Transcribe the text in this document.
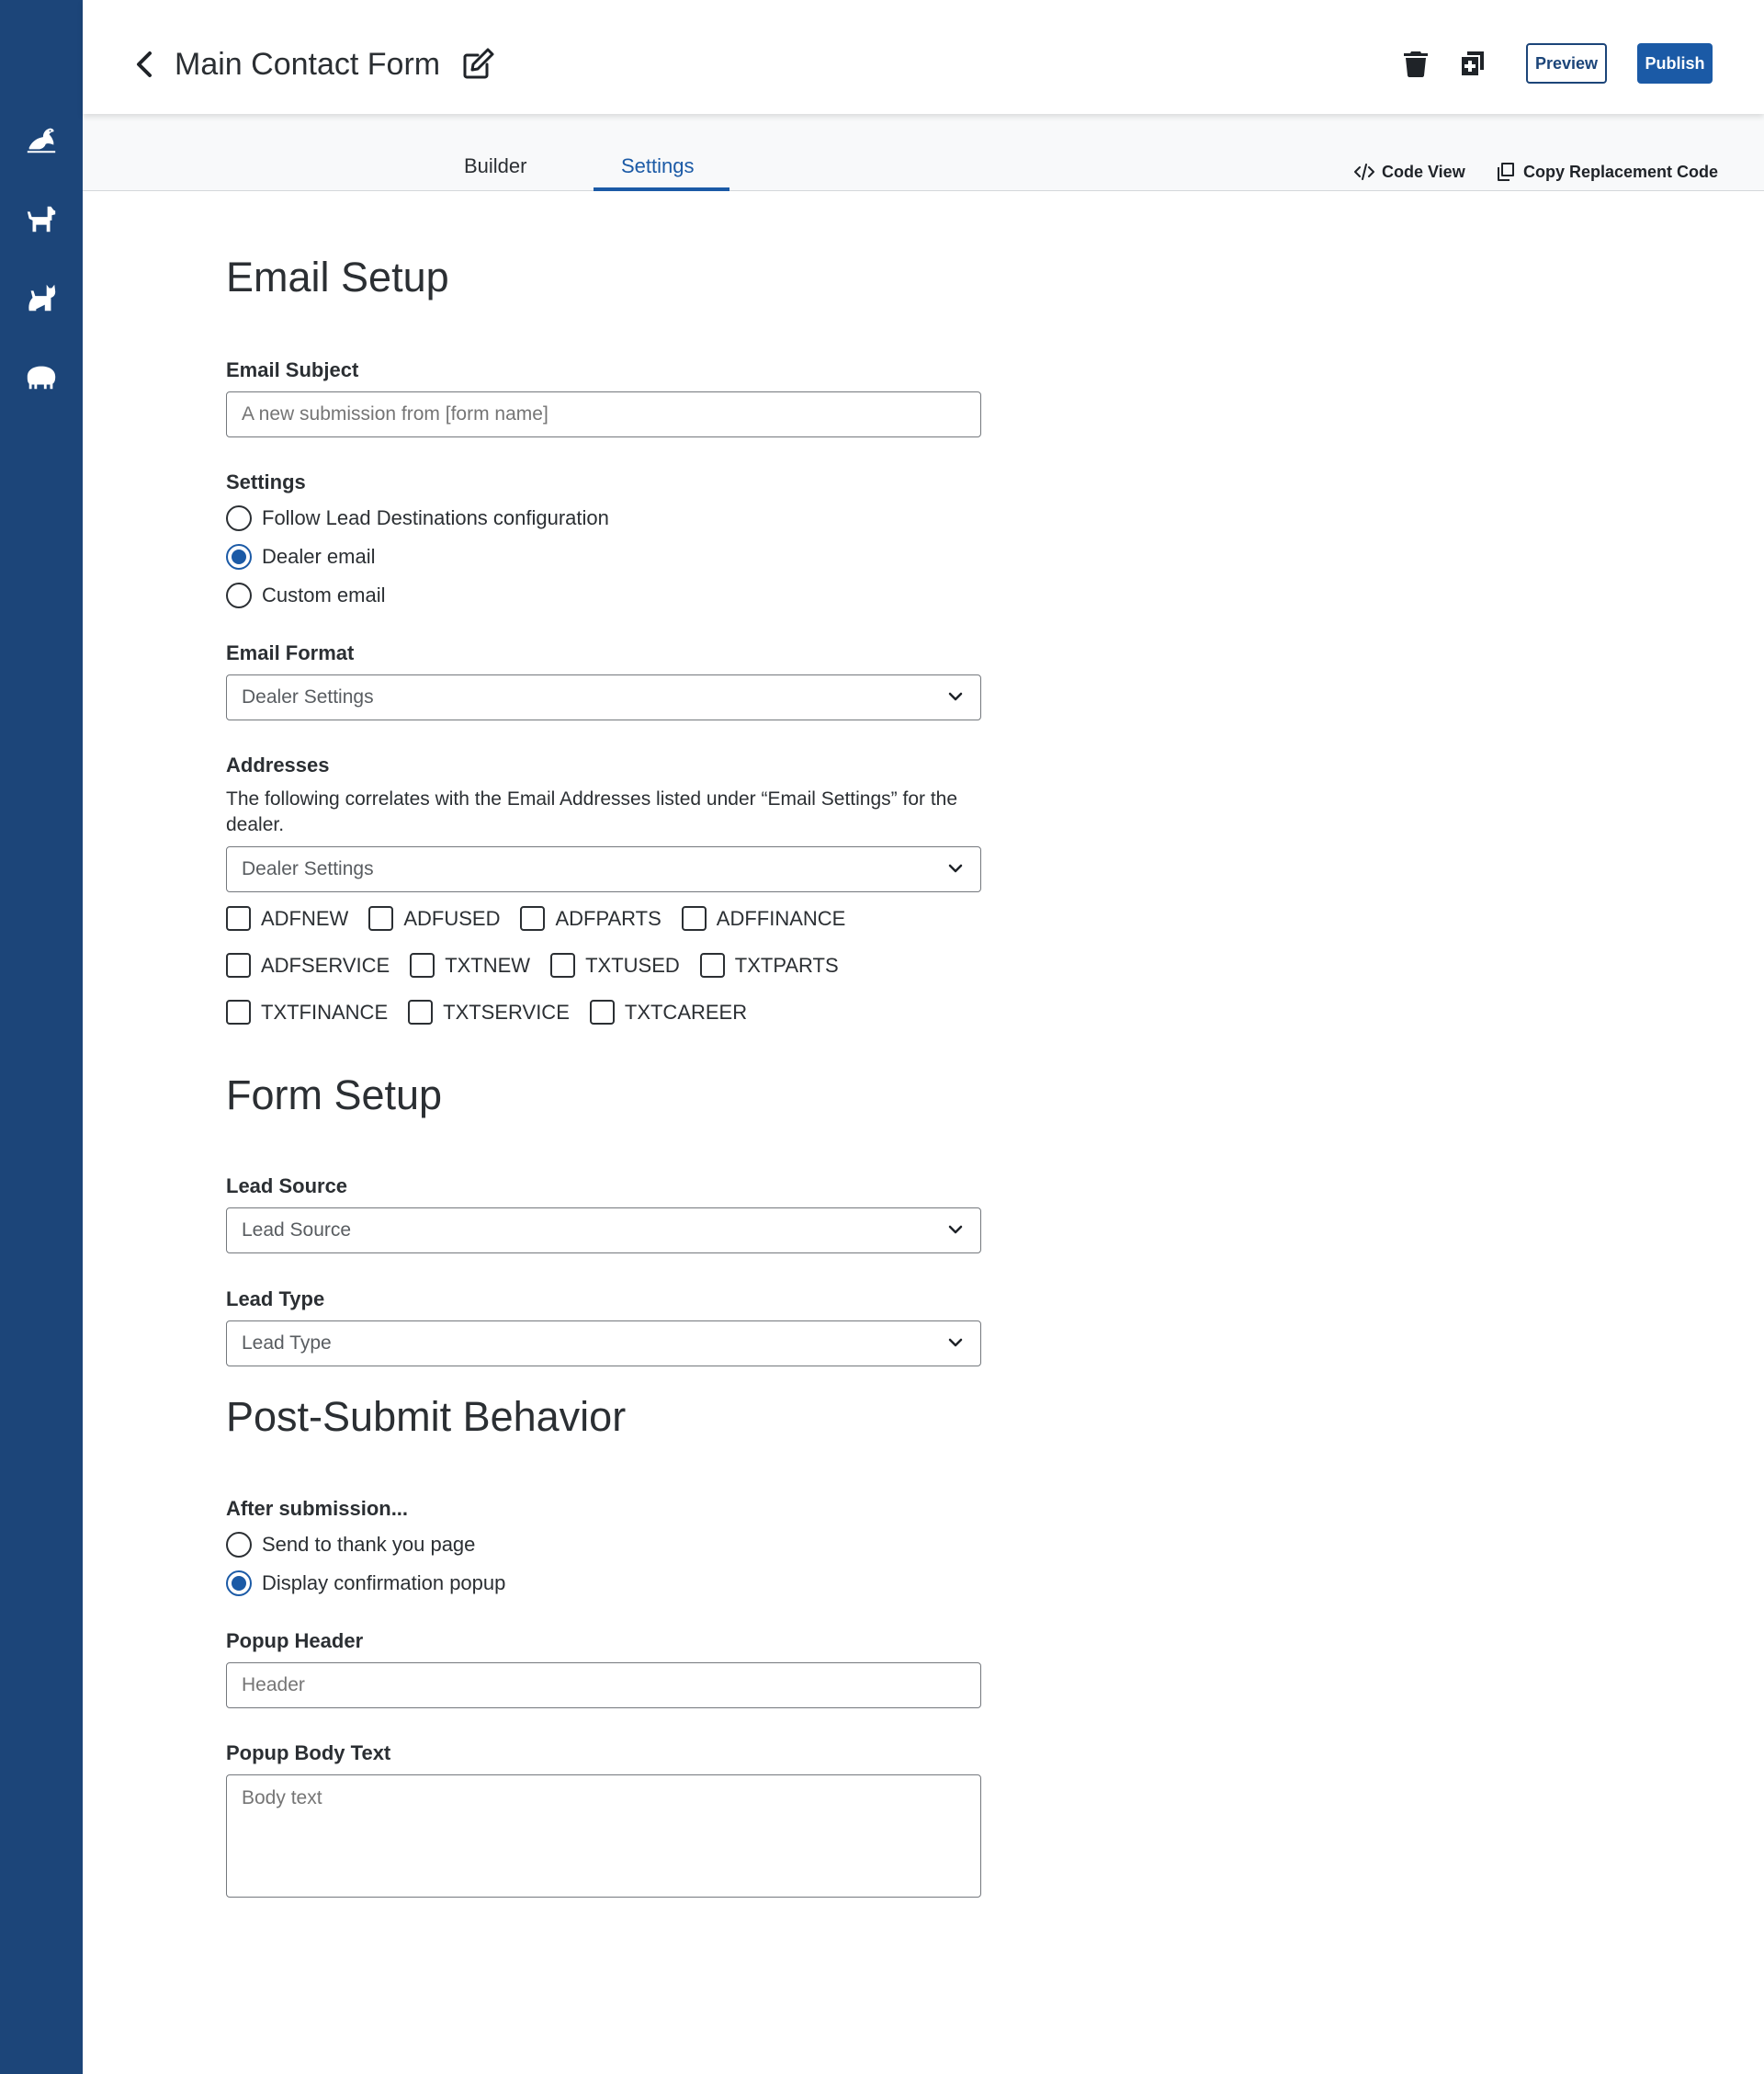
Main Contact Form	Preview	Publish
Builder	Settings	Code View	Copy Replacement Code
Email Setup
Email Subject
A new submission from [form name]
Settings
Follow Lead Destinations configuration
Dealer email
Custom email
Email Format
Dealer Settings
Addresses
The following correlates with the Email Addresses listed under “Email Settings” for the dealer.
Dealer Settings
ADFNEW	ADFUSED	ADFPARTS	ADFFINANCE
ADFSERVICE	TXTNEW	TXTUSED	TXTPARTS
TXTFINANCE	TXTSERVICE	TXTCAREER
Form Setup
Lead Source
Lead Source
Lead Type
Lead Type
Post-Submit Behavior
After submission...
Send to thank you page
Display confirmation popup
Popup Header
Header
Popup Body Text
Body text
